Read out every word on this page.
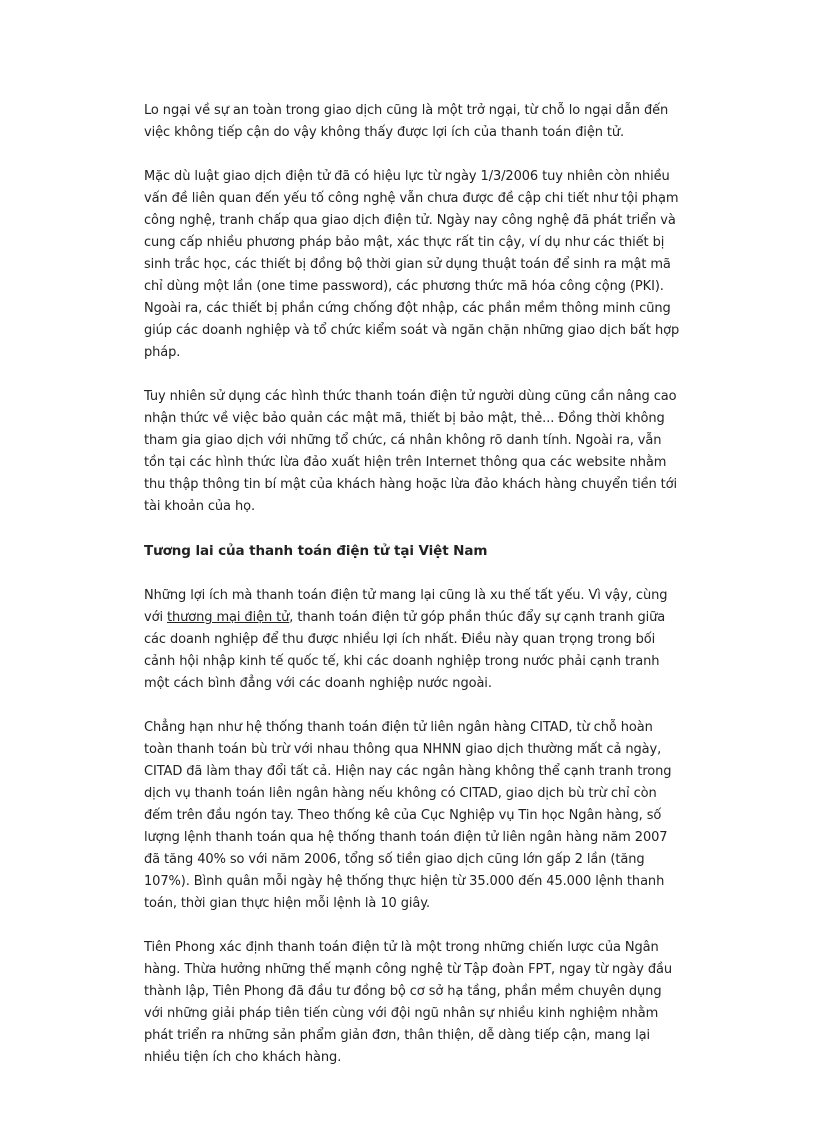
Lo ngại về sự an toàn trong giao dịch cũng là một trở ngại, từ chỗ lo ngại dẫn đến việc không tiếp cận do vậy không thấy được lợi ích của thanh toán điện tử.

Mặc dù luật giao dịch điện tử đã có hiệu lực từ ngày 1/3/2006 tuy nhiên còn nhiều vấn đề liên quan đến yếu tố công nghệ vẫn chưa được đề cập chi tiết như tội phạm công nghệ, tranh chấp qua giao dịch điện tử. Ngày nay công nghệ đã phát triển và cung cấp nhiều phương pháp bảo mật, xác thực rất tin cậy, ví dụ như các thiết bị sinh trắc học, các thiết bị đồng bộ thời gian sử dụng thuật toán để sinh ra mật mã chỉ dùng một lần (one time password), các phương thức mã hóa công cộng (PKI). Ngoài ra, các thiết bị phần cứng chống đột nhập, các phần mềm thông minh cũng giúp các doanh nghiệp và tổ chức kiểm soát và ngăn chặn những giao dịch bất hợp pháp.

Tuy nhiên sử dụng các hình thức thanh toán điện tử người dùng cũng cần nâng cao nhận thức về việc bảo quản các mật mã, thiết bị bảo mật, thẻ... Đồng thời không tham gia giao dịch với những tổ chức, cá nhân không rõ danh tính. Ngoài ra, vẫn tồn tại các hình thức lừa đảo xuất hiện trên Internet thông qua các website nhằm thu thập thông tin bí mật của khách hàng hoặc lừa đảo khách hàng chuyển tiền tới tài khoản của họ.

Tương lai của thanh toán điện tử tại Việt Nam

Những lợi ích mà thanh toán điện tử mang lại cũng là xu thế tất yếu. Vì vậy, cùng với thương mại điện tử, thanh toán điện tử góp phần thúc đẩy sự cạnh tranh giữa các doanh nghiệp để thu được nhiều lợi ích nhất. Điều này quan trọng trong bối cảnh hội nhập kinh tế quốc tế, khi các doanh nghiệp trong nước phải cạnh tranh một cách bình đẳng với các doanh nghiệp nước ngoài.

Chẳng hạn như hệ thống thanh toán điện tử liên ngân hàng CITAD, từ chỗ hoàn toàn thanh toán bù trừ với nhau thông qua NHNN giao dịch thường mất cả ngày, CITAD đã làm thay đổi tất cả. Hiện nay các ngân hàng không thể cạnh tranh trong dịch vụ thanh toán liên ngân hàng nếu không có CITAD, giao dịch bù trừ chỉ còn đếm trên đầu ngón tay. Theo thống kê của Cục Nghiệp vụ Tin học Ngân hàng, số lượng lệnh thanh toán qua hệ thống thanh toán điện tử liên ngân hàng năm 2007 đã tăng 40% so với năm 2006, tổng số tiền giao dịch cũng lớn gấp 2 lần (tăng 107%). Bình quân mỗi ngày hệ thống thực hiện từ 35.000 đến 45.000 lệnh thanh toán, thời gian thực hiện mỗi lệnh là 10 giây.

Tiên Phong xác định thanh toán điện tử là một trong những chiến lược của Ngân hàng. Thừa hưởng những thế mạnh công nghệ từ Tập đoàn FPT, ngay từ ngày đầu thành lập, Tiên Phong đã đầu tư đồng bộ cơ sở hạ tầng, phần mềm chuyên dụng với những giải pháp tiên tiến cùng với đội ngũ nhân sự nhiều kinh nghiệm nhằm phát triển ra những sản phẩm giản đơn, thân thiện, dễ dàng tiếp cận, mang lại nhiều tiện ích cho khách hàng.
